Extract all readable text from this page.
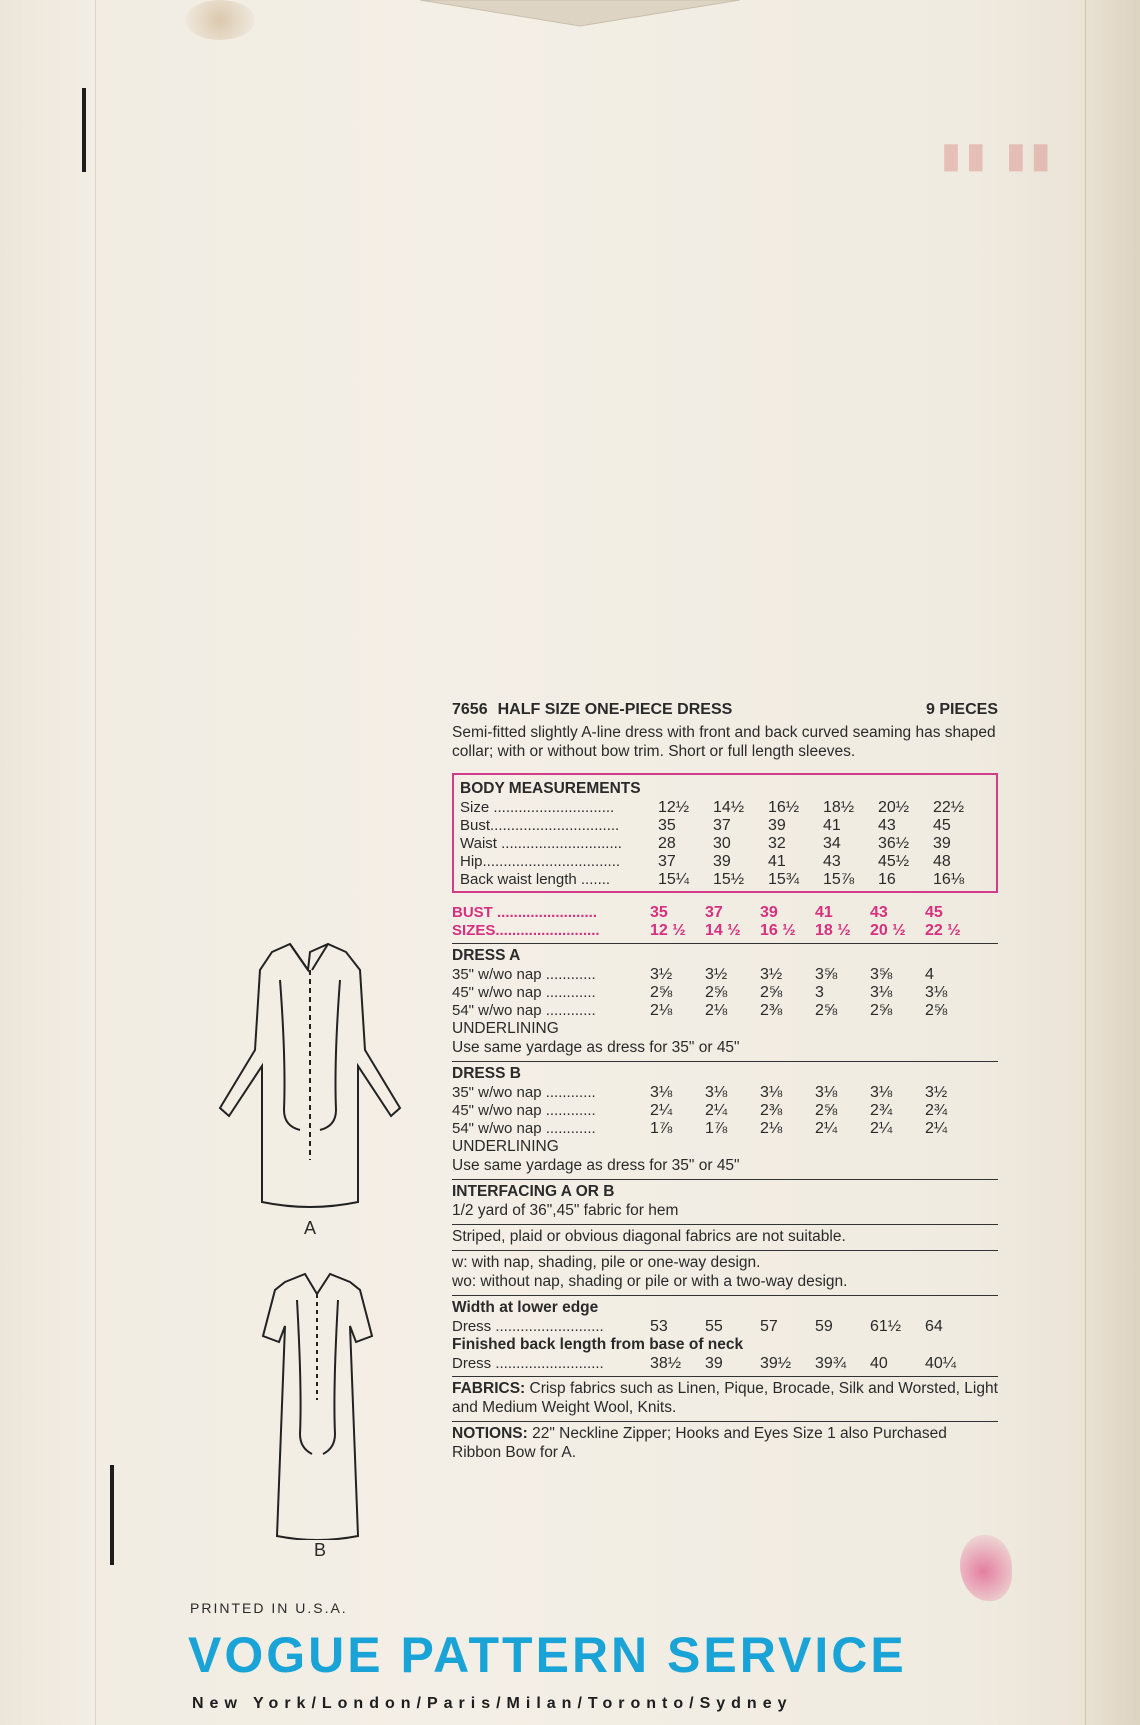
▮▮ ▮▮
A
B
7656 HALF SIZE ONE-PIECE DRESS	9 PIECES
Semi-fitted slightly A-line dress with front and back curved seaming has shaped collar; with or without bow trim. Short or full length sleeves.
BODY MEASUREMENTS
Size .............................	12½	14½	16½	18½	20½	22½
Bust...............................	35	37	39	41	43	45
Waist .............................	28	30	32	34	36½	39
Hip.................................	37	39	41	43	45½	48
Back waist length .......	15¼	15½	15¾	15⅞	16	16⅛
BUST ........................	35	37	39	41	43	45
SIZES.........................	12 ½	14 ½	16 ½	18 ½	20 ½	22 ½
DRESS A
35" w/wo nap ............	3½	3½	3½	3⅝	3⅝	4
45" w/wo nap ............	2⅝	2⅝	2⅝	3	3⅛	3⅛
54" w/wo nap ............	2⅛	2⅛	2⅜	2⅝	2⅝	2⅝
UNDERLINING
Use same yardage as dress for 35" or 45"
DRESS B
35" w/wo nap ............	3⅛	3⅛	3⅛	3⅛	3⅛	3½
45" w/wo nap ............	2¼	2¼	2⅜	2⅝	2¾	2¾
54" w/wo nap ............	1⅞	1⅞	2⅛	2¼	2¼	2¼
UNDERLINING
Use same yardage as dress for 35" or 45"
INTERFACING A OR B
1/2 yard of 36",45" fabric for hem
Striped, plaid or obvious diagonal fabrics are not suitable.
w: with nap, shading, pile or one-way design.
wo: without nap, shading or pile or with a two-way design.
Width at lower edge
Dress ..........................	53	55	57	59	61½	64
Finished back length from base of neck
Dress ..........................	38½	39	39½	39¾	40	40¼
FABRICS: Crisp fabrics such as Linen, Pique, Brocade, Silk and Worsted, Light and Medium Weight Wool, Knits.
NOTIONS: 22" Neckline Zipper; Hooks and Eyes Size 1 also Purchased Ribbon Bow for A.
PRINTED IN U.S.A.
VOGUE PATTERN SERVICE
New York/London/Paris/Milan/Toronto/Sydney
